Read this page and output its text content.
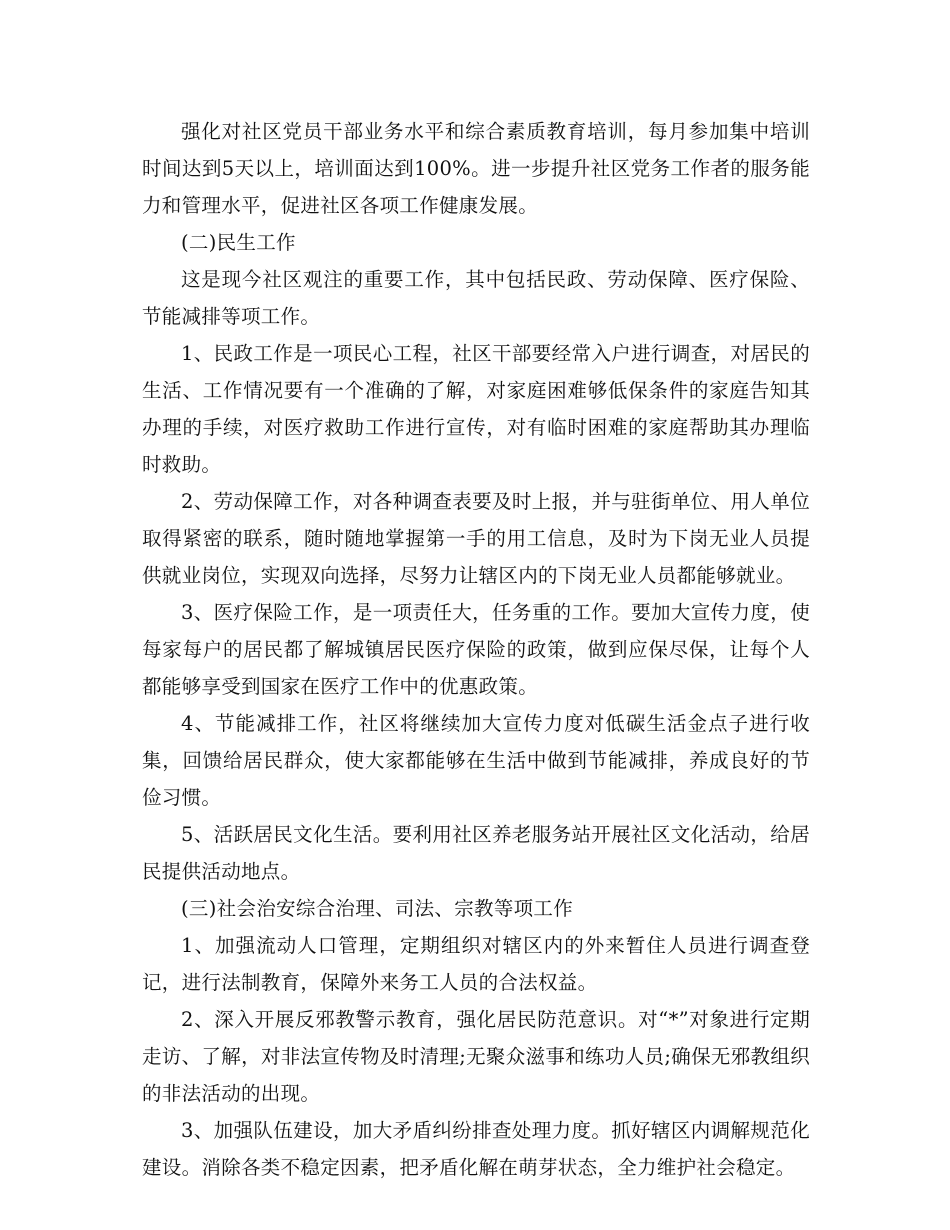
强化对社区党员干部业务水平和综合素质教育培训，每月参加集中培训时间达到5天以上，培训面达到100%。进一步提升社区党务工作者的服务能力和管理水平，促进社区各项工作健康发展。

(二)民生工作

这是现今社区观注的重要工作，其中包括民政、劳动保障、医疗保险、节能减排等项工作。

1、民政工作是一项民心工程，社区干部要经常入户进行调查，对居民的生活、工作情况要有一个准确的了解，对家庭困难够低保条件的家庭告知其办理的手续，对医疗救助工作进行宣传，对有临时困难的家庭帮助其办理临时救助。

2、劳动保障工作，对各种调查表要及时上报，并与驻街单位、用人单位取得紧密的联系，随时随地掌握第一手的用工信息，及时为下岗无业人员提供就业岗位，实现双向选择，尽努力让辖区内的下岗无业人员都能够就业。

3、医疗保险工作，是一项责任大，任务重的工作。要加大宣传力度，使每家每户的居民都了解城镇居民医疗保险的政策，做到应保尽保，让每个人都能够享受到国家在医疗工作中的优惠政策。

4、节能减排工作，社区将继续加大宣传力度对低碳生活金点子进行收集，回馈给居民群众，使大家都能够在生活中做到节能减排，养成良好的节俭习惯。

5、活跃居民文化生活。要利用社区养老服务站开展社区文化活动，给居民提供活动地点。

(三)社会治安综合治理、司法、宗教等项工作

1、加强流动人口管理，定期组织对辖区内的外来暂住人员进行调查登记，进行法制教育，保障外来务工人员的合法权益。

2、深入开展反邪教警示教育，强化居民防范意识。对“*”对象进行定期走访、了解，对非法宣传物及时清理;无聚众滋事和练功人员;确保无邪教组织的非法活动的出现。

3、加强队伍建设，加大矛盾纠纷排查处理力度。抓好辖区内调解规范化建设。消除各类不稳定因素，把矛盾化解在萌芽状态，全力维护社会稳定。
